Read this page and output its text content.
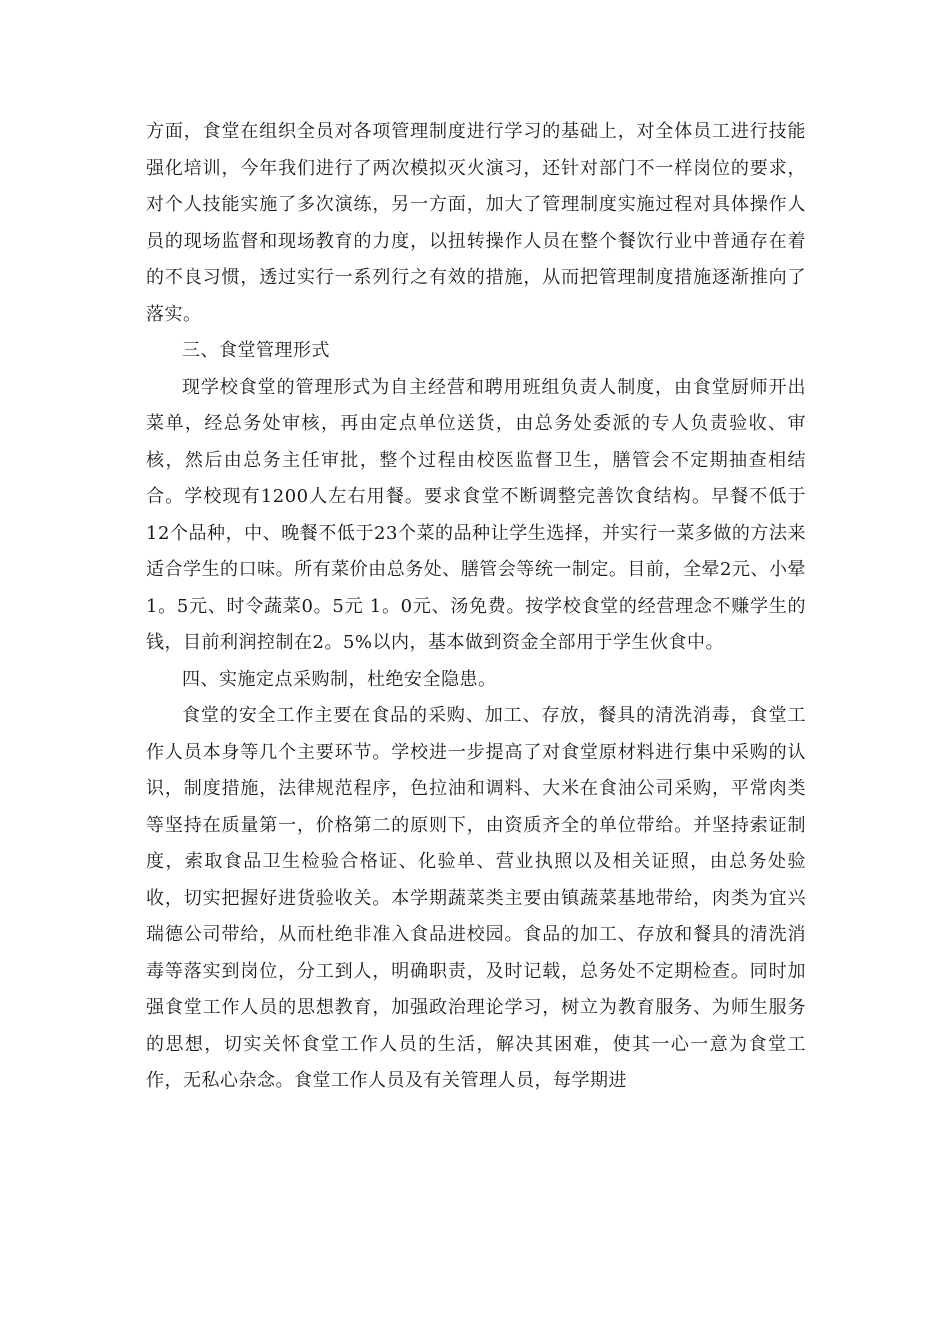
方面，食堂在组织全员对各项管理制度进行学习的基础上，对全体员工进行技能强化培训，今年我们进行了两次模拟灭火演习，还针对部门不一样岗位的要求，对个人技能实施了多次演练，另一方面，加大了管理制度实施过程对具体操作人员的现场监督和现场教育的力度，以扭转操作人员在整个餐饮行业中普通存在着的不良习惯，透过实行一系列行之有效的措施，从而把管理制度措施逐渐推向了落实。

三、食堂管理形式

现学校食堂的管理形式为自主经营和聘用班组负责人制度，由食堂厨师开出菜单，经总务处审核，再由定点单位送货，由总务处委派的专人负责验收、审核，然后由总务主任审批，整个过程由校医监督卫生，膳管会不定期抽查相结合。学校现有1200人左右用餐。要求食堂不断调整完善饮食结构。早餐不低于12个品种，中、晚餐不低于23个菜的品种让学生选择，并实行一菜多做的方法来适合学生的口味。所有菜价由总务处、膳管会等统一制定。目前，全晕2元、小晕1。5元、时令蔬菜0。5元 1。0元、汤免费。按学校食堂的经营理念不赚学生的钱，目前利润控制在2。5%以内，基本做到资金全部用于学生伙食中。

四、实施定点采购制，杜绝安全隐患。

食堂的安全工作主要在食品的采购、加工、存放，餐具的清洗消毒，食堂工作人员本身等几个主要环节。学校进一步提高了对食堂原材料进行集中采购的认识，制度措施，法律规范程序，色拉油和调料、大米在食油公司采购，平常肉类等坚持在质量第一，价格第二的原则下，由资质齐全的单位带给。并坚持索证制度，索取食品卫生检验合格证、化验单、营业执照以及相关证照，由总务处验收，切实把握好进货验收关。本学期蔬菜类主要由镇蔬菜基地带给，肉类为宜兴瑞德公司带给，从而杜绝非准入食品进校园。食品的加工、存放和餐具的清洗消毒等落实到岗位，分工到人，明确职责，及时记载，总务处不定期检查。同时加强食堂工作人员的思想教育，加强政治理论学习，树立为教育服务、为师生服务的思想，切实关怀食堂工作人员的生活，解决其困难，使其一心一意为食堂工作，无私心杂念。食堂工作人员及有关管理人员，每学期进
